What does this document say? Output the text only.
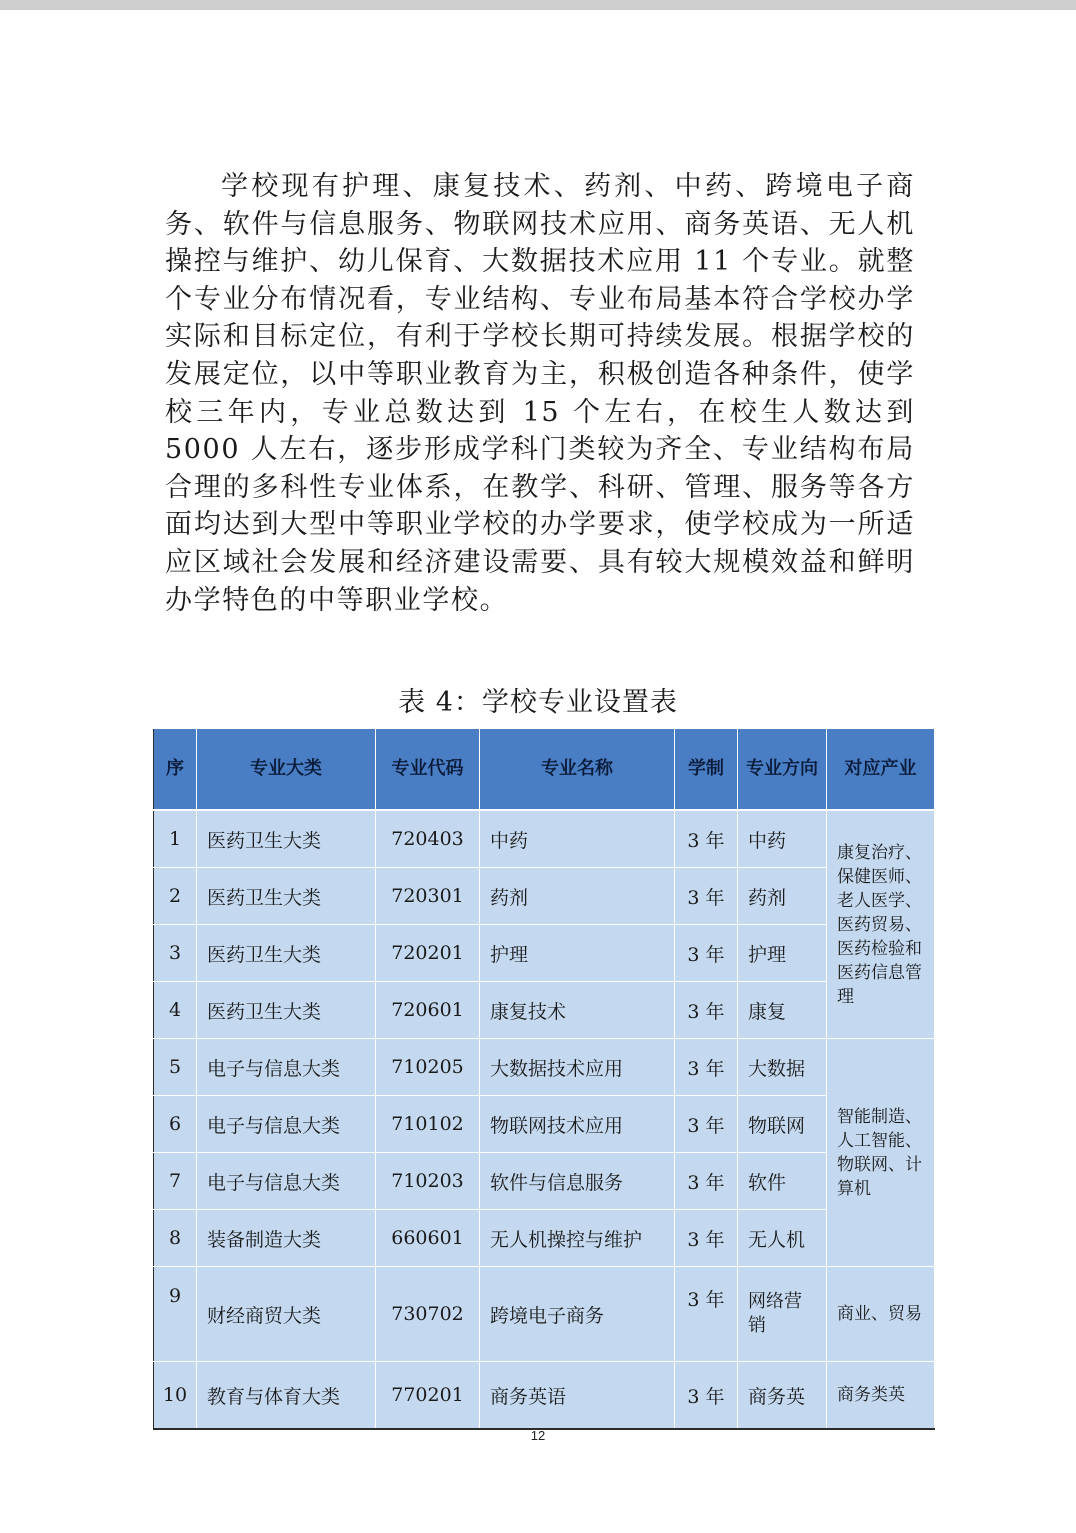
学校现有护理、康复技术、药剂、中药、跨境电子商务、软件与信息服务、物联网技术应用、商务英语、无人机操控与维护、幼儿保育、大数据技术应用 11 个专业。就整个专业分布情况看，专业结构、专业布局基本符合学校办学实际和目标定位，有利于学校长期可持续发展。根据学校的发展定位，以中等职业教育为主，积极创造各种条件，使学校三年内，专业总数达到 15 个左右，在校生人数达到 5000 人左右，逐步形成学科门类较为齐全、专业结构布局合理的多科性专业体系，在教学、科研、管理、服务等各方面均达到大型中等职业学校的办学要求，使学校成为一所适应区域社会发展和经济建设需要、具有较大规模效益和鲜明办学特色的中等职业学校。

表 4：学校专业设置表
序	专业大类	专业代码	专业名称	学制	专业方向	对应产业
1	医药卫生大类	720403	中药	3 年	中药	康复治疗、保健医师、老人医学、医药贸易、医药检验和医药信息管理
2	医药卫生大类	720301	药剂	3 年	药剂	
3	医药卫生大类	720201	护理	3 年	护理	
4	医药卫生大类	720601	康复技术	3 年	康复	
5	电子与信息大类	710205	大数据技术应用	3 年	大数据	智能制造、人工智能、物联网、计算机
6	电子与信息大类	710102	物联网技术应用	3 年	物联网	
7	电子与信息大类	710203	软件与信息服务	3 年	软件	
8	装备制造大类	660601	无人机操控与维护	3 年	无人机	
9	财经商贸大类	730702	跨境电子商务	3 年	网络营销	商业、贸易
10	教育与体育大类	770201	商务英语	3 年	商务英	商务类英
12
